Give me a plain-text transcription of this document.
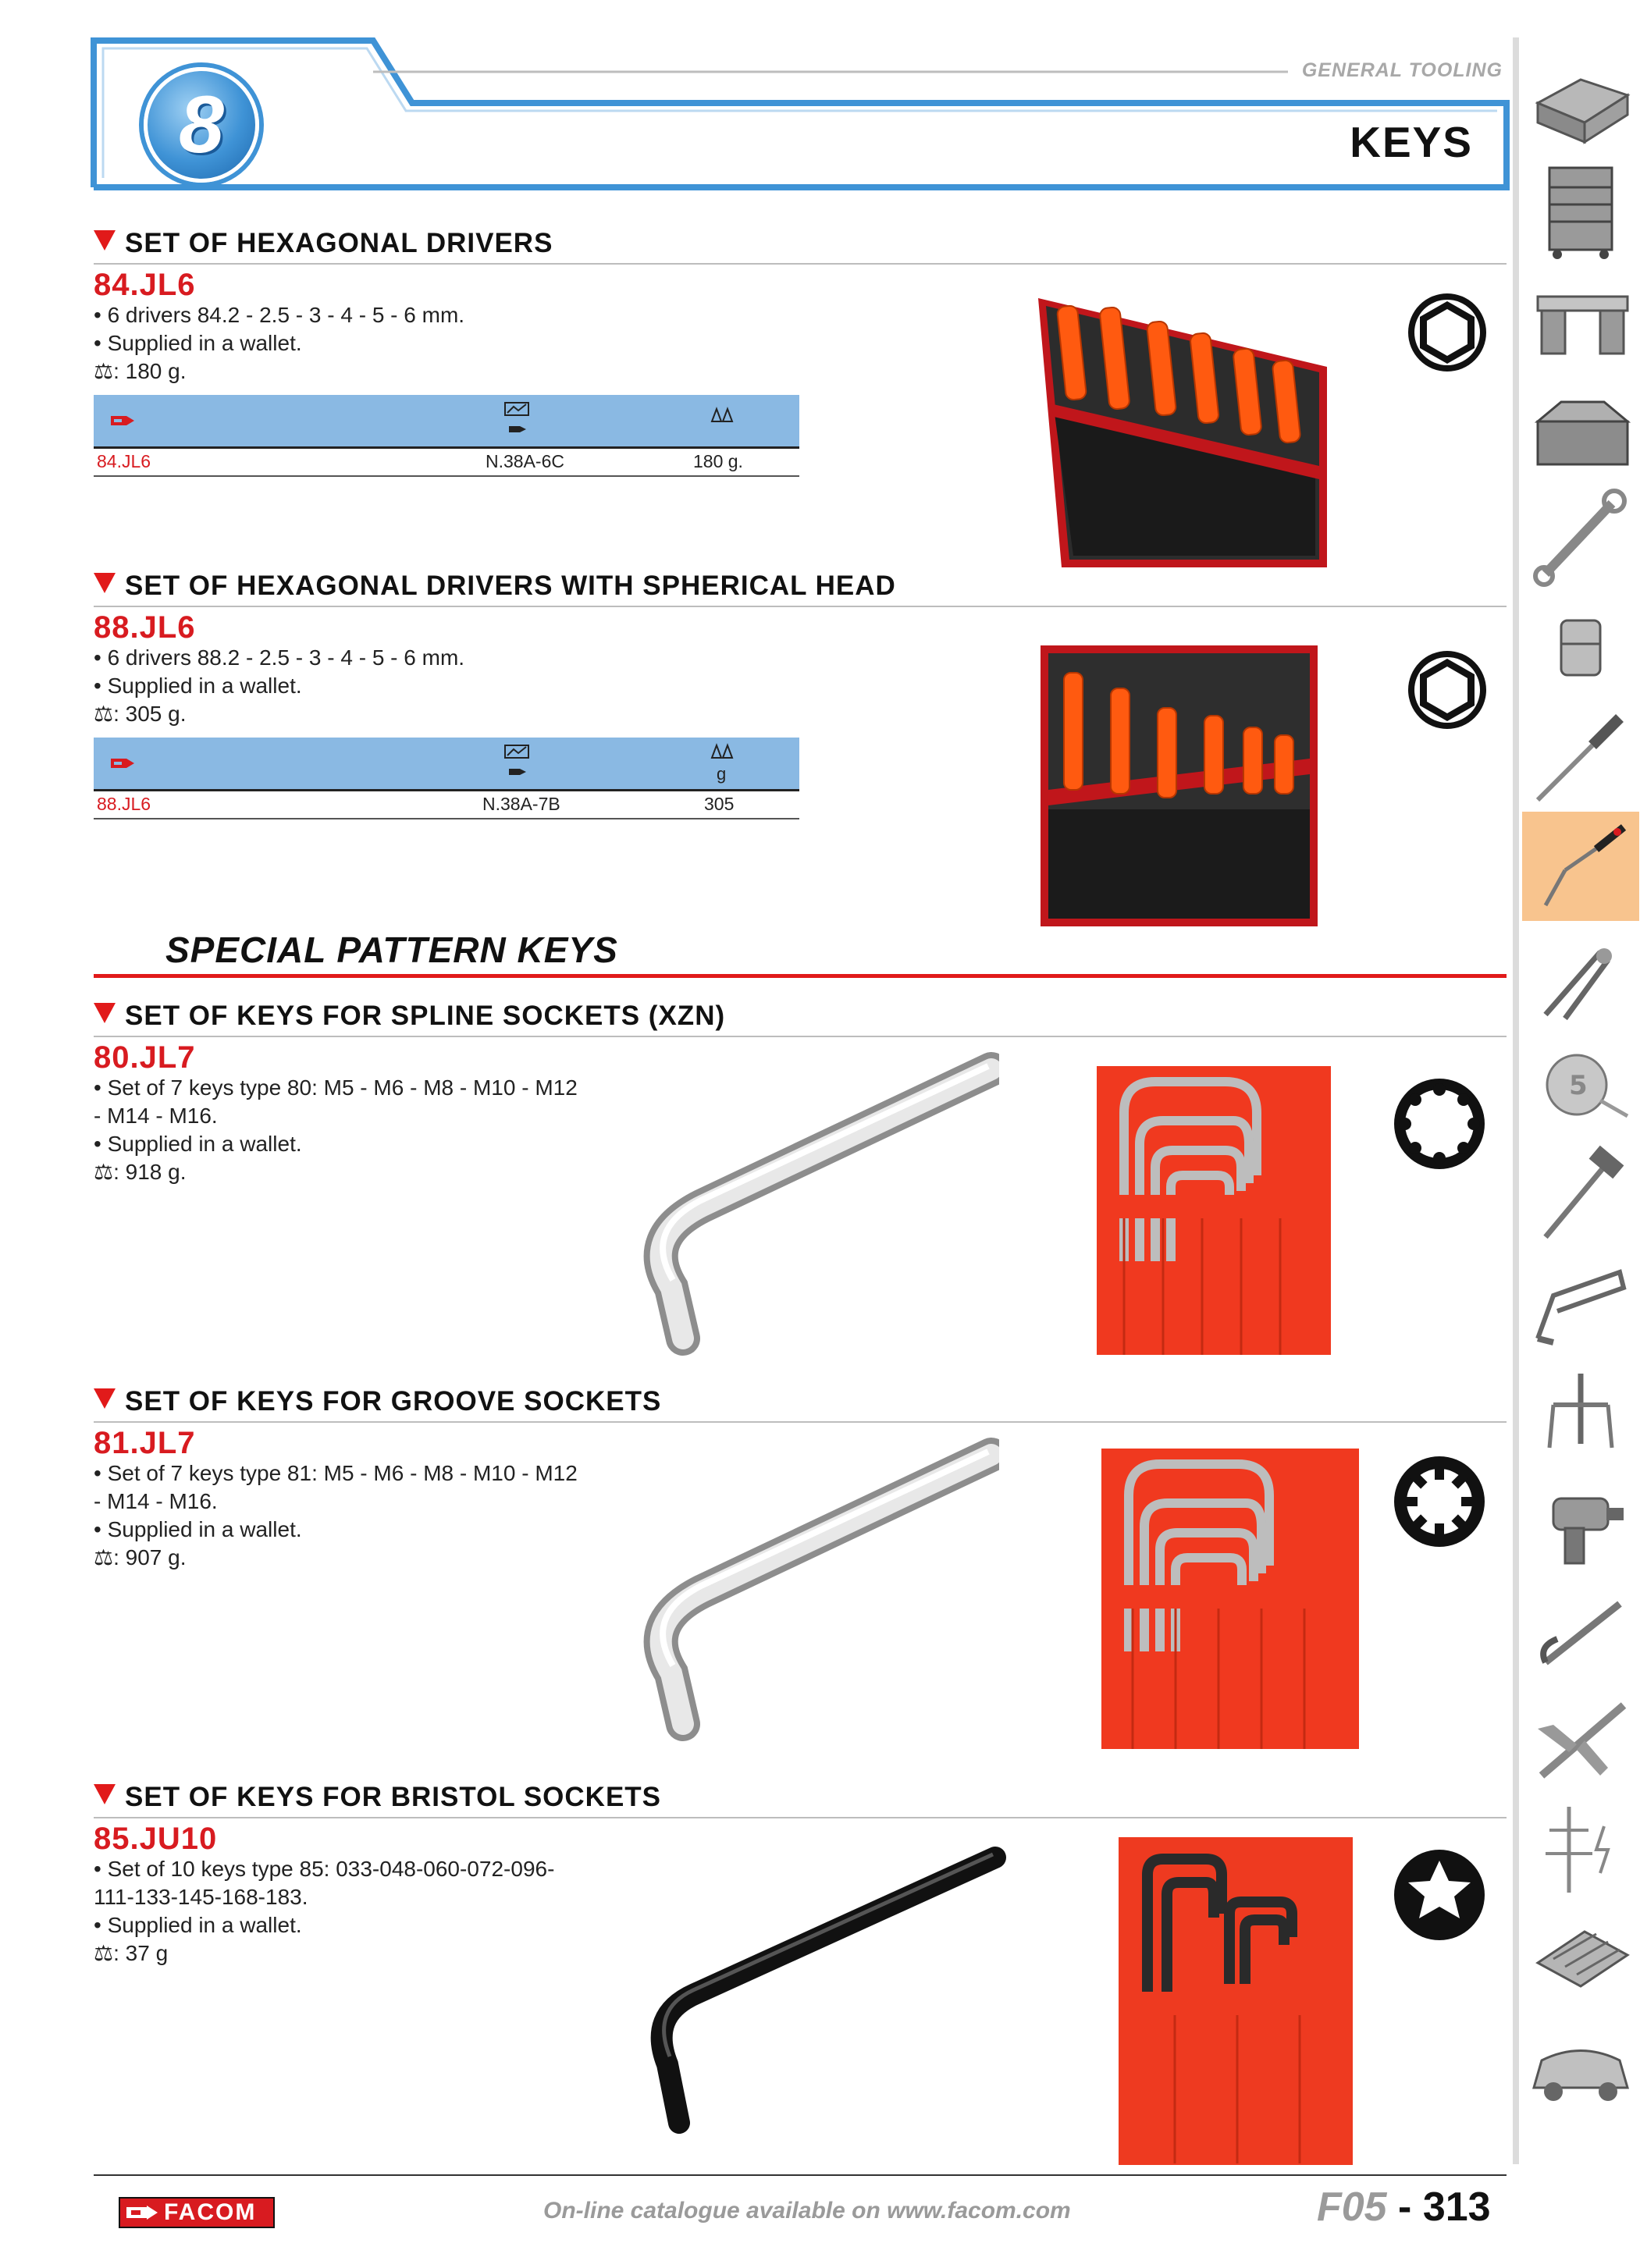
8
GENERAL TOOLING
KEYS
5
SET OF HEXAGONAL DRIVERS
84.JL6
• 6 drivers 84.2 - 2.5 - 3 - 4 - 5 - 6 mm.
• Supplied in a wallet.
⚖: 180 g.
84.JL6	N.38A-6C	180 g.
SET OF HEXAGONAL DRIVERS WITH SPHERICAL HEAD
88.JL6
• 6 drivers 88.2 - 2.5 - 3 - 4 - 5 - 6 mm.
• Supplied in a wallet.
⚖: 305 g.
g
88.JL6	N.38A-7B	305
SPECIAL PATTERN KEYS
SET OF KEYS FOR SPLINE SOCKETS (XZN)
80.JL7
• Set of 7 keys type 80: M5 - M6 - M8 - M10 - M12
- M14 - M16.
• Supplied in a wallet.
⚖: 918 g.
SET OF KEYS FOR GROOVE SOCKETS
81.JL7
• Set of 7 keys type 81: M5 - M6 - M8 - M10 - M12
- M14 - M16.
• Supplied in a wallet.
⚖: 907 g.
SET OF KEYS FOR BRISTOL SOCKETS
85.JU10
• Set of 10 keys type 85: 033-048-060-072-096-
111-133-145-168-183.
• Supplied in a wallet.
⚖: 37 g
FACOM	On-line catalogue available on www.facom.com	F05 - 313
